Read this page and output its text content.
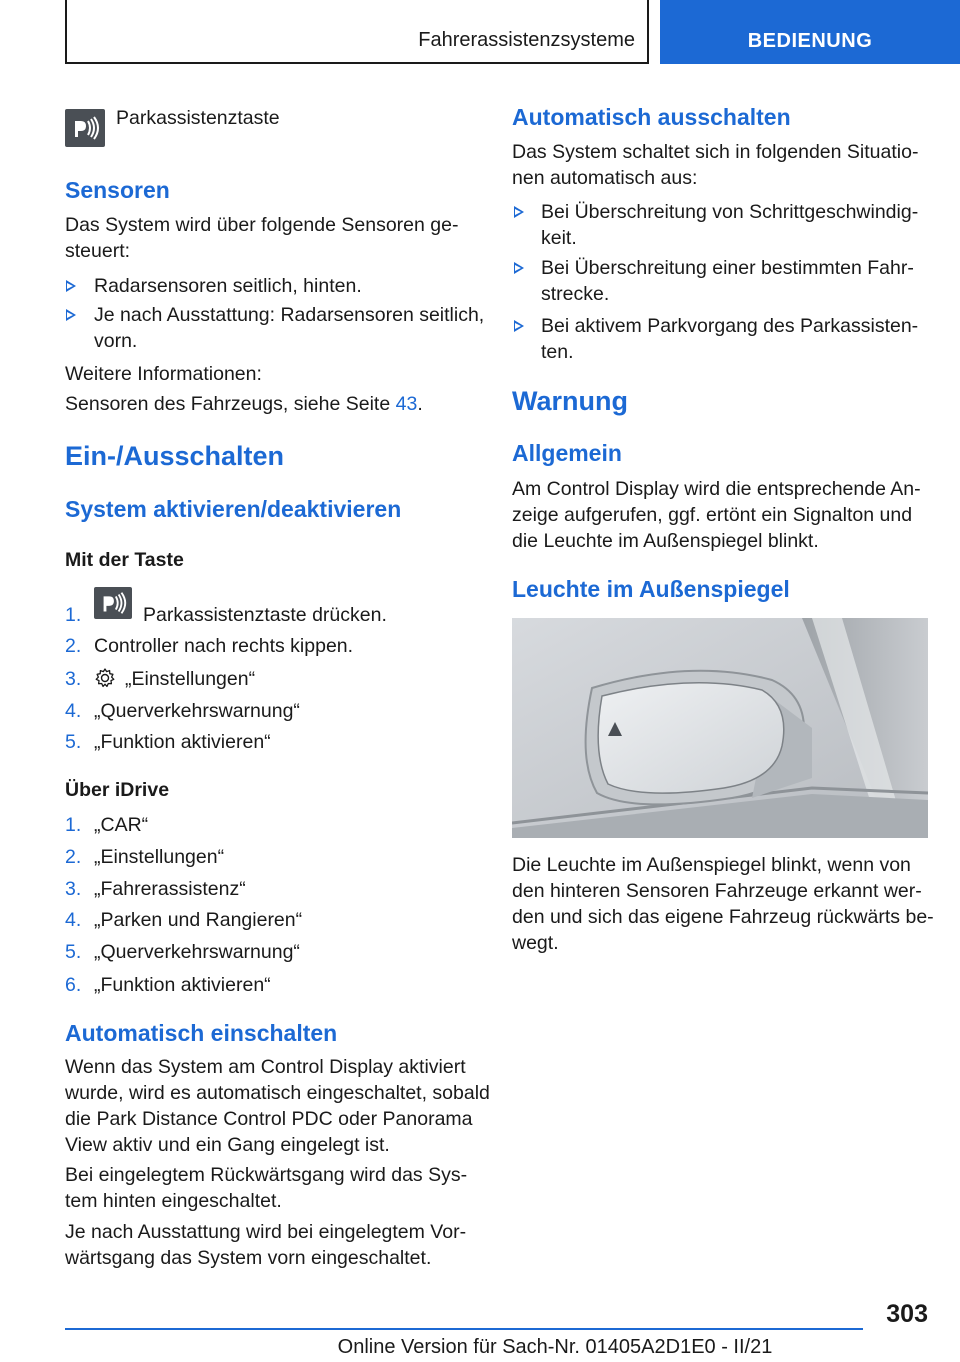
Fahrerassistenzsysteme	BEDIENUNG
Parkassistenztaste
Sensoren
Das System wird über folgende Sensoren ge-
steuert:
Radarsensoren seitlich, hinten.
Je nach Ausstattung: Radarsensoren seitlich,
vorn.
Weitere Informationen:
Sensoren des Fahrzeugs, siehe Seite 43.
Ein-/Ausschalten
System aktivieren/deaktivieren
Mit der Taste
1.	Parkassistenztaste drücken.
2. Controller nach rechts kippen.
3. „Einstellungen“
4. „Querverkehrswarnung“
5. „Funktion aktivieren“
Über iDrive
1. „CAR“
2. „Einstellungen“
3. „Fahrerassistenz“
4. „Parken und Rangieren“
5. „Querverkehrswarnung“
6. „Funktion aktivieren“
Automatisch einschalten
Wenn das System am Control Display aktiviert
wurde, wird es automatisch eingeschaltet, sobald
die Park Distance Control PDC oder Panorama
View aktiv und ein Gang eingelegt ist.
Bei eingelegtem Rückwärtsgang wird das Sys-
tem hinten eingeschaltet.
Je nach Ausstattung wird bei eingelegtem Vor-
wärtsgang das System vorn eingeschaltet.
Automatisch ausschalten
Das System schaltet sich in folgenden Situatio-
nen automatisch aus:
Bei Überschreitung von Schrittgeschwindig-
keit.
Bei Überschreitung einer bestimmten Fahr-
strecke.
Bei aktivem Parkvorgang des Parkassisten-
ten.
Warnung
Allgemein
Am Control Display wird die entsprechende An-
zeige aufgerufen, ggf. ertönt ein Signalton und
die Leuchte im Außenspiegel blinkt.
Leuchte im Außenspiegel
Die Leuchte im Außenspiegel blinkt, wenn von
den hinteren Sensoren Fahrzeuge erkannt wer-
den und sich das eigene Fahrzeug rückwärts be-
wegt.
303
Online Version für Sach-Nr. 01405A2D1E0 - II/21
